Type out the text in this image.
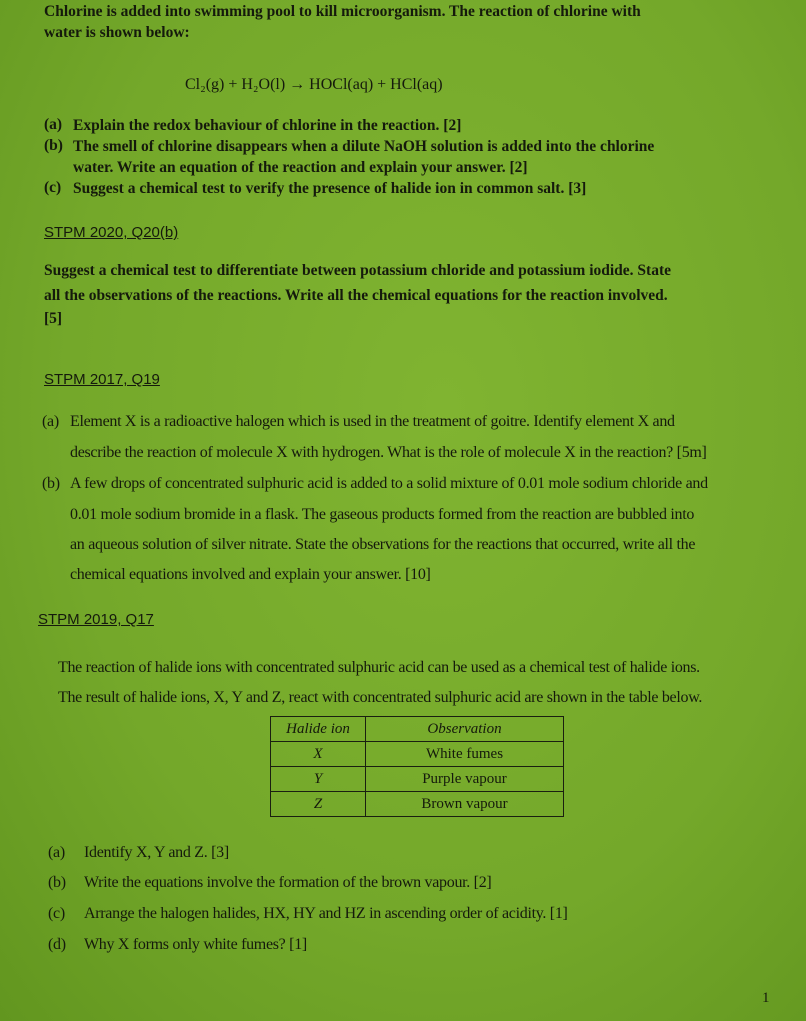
Chlorine is added into swimming pool to kill microorganism. The reaction of chlorine with
water is shown below:
Cl₂(g) + H₂O(l) → HOCl(aq) + HCl(aq)
(a) Explain the redox behaviour of chlorine in the reaction. [2]
(b) The smell of chlorine disappears when a dilute NaOH solution is added into the chlorine
water. Write an equation of the reaction and explain your answer. [2]
(c) Suggest a chemical test to verify the presence of halide ion in common salt. [3]
STPM 2020, Q20(b)
Suggest a chemical test to differentiate between potassium chloride and potassium iodide. State
all the observations of the reactions. Write all the chemical equations for the reaction involved.
[5]
STPM 2017, Q19
(a) Element X is a radioactive halogen which is used in the treatment of goitre. Identify element X and
describe the reaction of molecule X with hydrogen. What is the role of molecule X in the reaction? [5m]
(b) A few drops of concentrated sulphuric acid is added to a solid mixture of 0.01 mole sodium chloride and
0.01 mole sodium bromide in a flask. The gaseous products formed from the reaction are bubbled into
an aqueous solution of silver nitrate. State the observations for the reactions that occurred, write all the
chemical equations involved and explain your answer. [10]
STPM 2019, Q17
The reaction of halide ions with concentrated sulphuric acid can be used as a chemical test of halide ions.
The result of halide ions, X, Y and Z, react with concentrated sulphuric acid are shown in the table below.
Halide ion	Observation
X	White fumes
Y	Purple vapour
Z	Brown vapour
(a) Identify X, Y and Z. [3]
(b) Write the equations involve the formation of the brown vapour. [2]
(c) Arrange the halogen halides, HX, HY and HZ in ascending order of acidity. [1]
(d) Why X forms only white fumes? [1]
1
